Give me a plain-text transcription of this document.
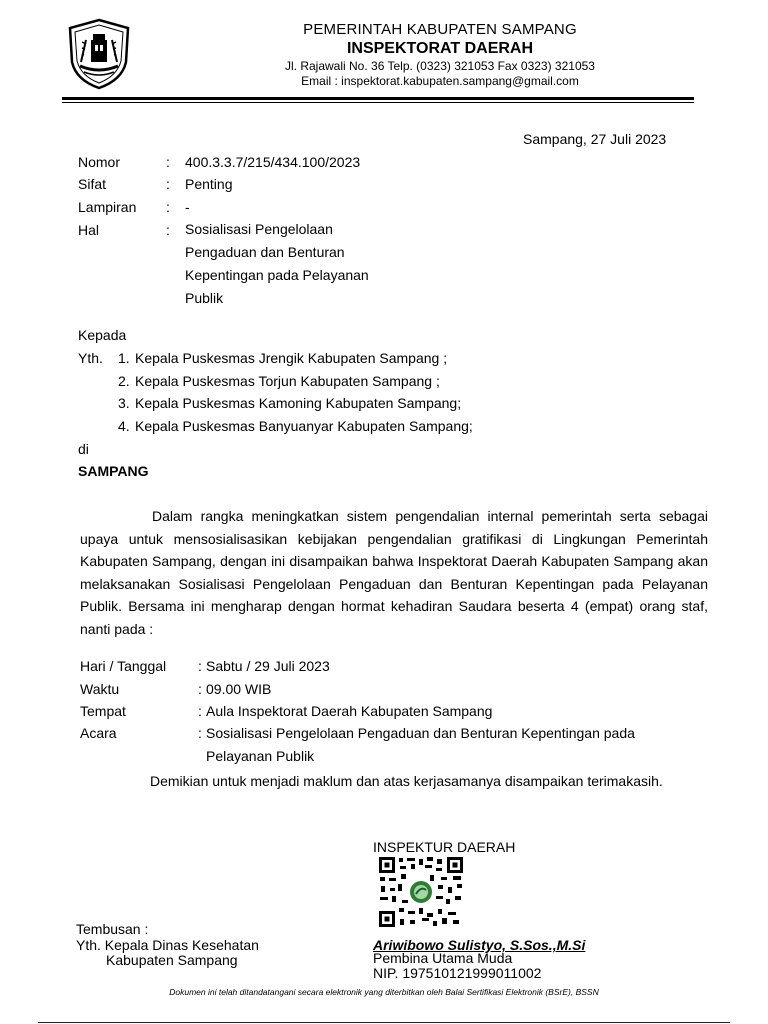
PEMERINTAH KABUPATEN SAMPANG
INSPEKTORAT DAERAH
Jl. Rajawali No. 36 Telp. (0323) 321053 Fax 0323) 321053
Email : inspektorat.kabupaten.sampang@gmail.com
Sampang, 27 Juli 2023
Nomor	: 400.3.3.7/215/434.100/2023
Sifat	: Penting
Lampiran : -
Hal	: Sosialisasi Pengelolaan
Pengaduan dan Benturan
Kepentingan pada Pelayanan
Publik
Kepada
Yth. 1. Kepala Puskesmas Jrengik Kabupaten Sampang ;
2. Kepala Puskesmas Torjun Kabupaten Sampang ;
3. Kepala Puskesmas Kamoning Kabupaten Sampang;
4. Kepala Puskesmas Banyuanyar Kabupaten Sampang;
di
SAMPANG
Dalam rangka meningkatkan sistem pengendalian internal pemerintah serta sebagai upaya untuk mensosialisasikan kebijakan pengendalian gratifikasi di Lingkungan Pemerintah Kabupaten Sampang, dengan ini disampaikan bahwa Inspektorat Daerah Kabupaten Sampang akan melaksanakan Sosialisasi Pengelolaan Pengaduan dan Benturan Kepentingan pada Pelayanan Publik. Bersama ini mengharap dengan hormat kehadiran Saudara beserta 4 (empat) orang staf, nanti pada :
Hari / Tanggal : Sabtu / 29 Juli 2023
Waktu	: 09.00 WIB
Tempat	: Aula Inspektorat Daerah Kabupaten Sampang
Acara	: Sosialisasi Pengelolaan Pengaduan dan Benturan Kepentingan pada
Pelayanan Publik
Demikian untuk menjadi maklum dan atas kerjasamanya disampaikan terimakasih.
INSPEKTUR DAERAH
Ariwibowo Sulistyo, S.Sos.,M.Si
Pembina Utama Muda
NIP. 197510121999011002
Tembusan :
Yth. Kepala Dinas Kesehatan
Kabupaten Sampang
Dokumen ini telah ditandatangani secara elektronik yang diterbitkan oleh Balai Sertifikasi Elektronik (BSrE), BSSN
